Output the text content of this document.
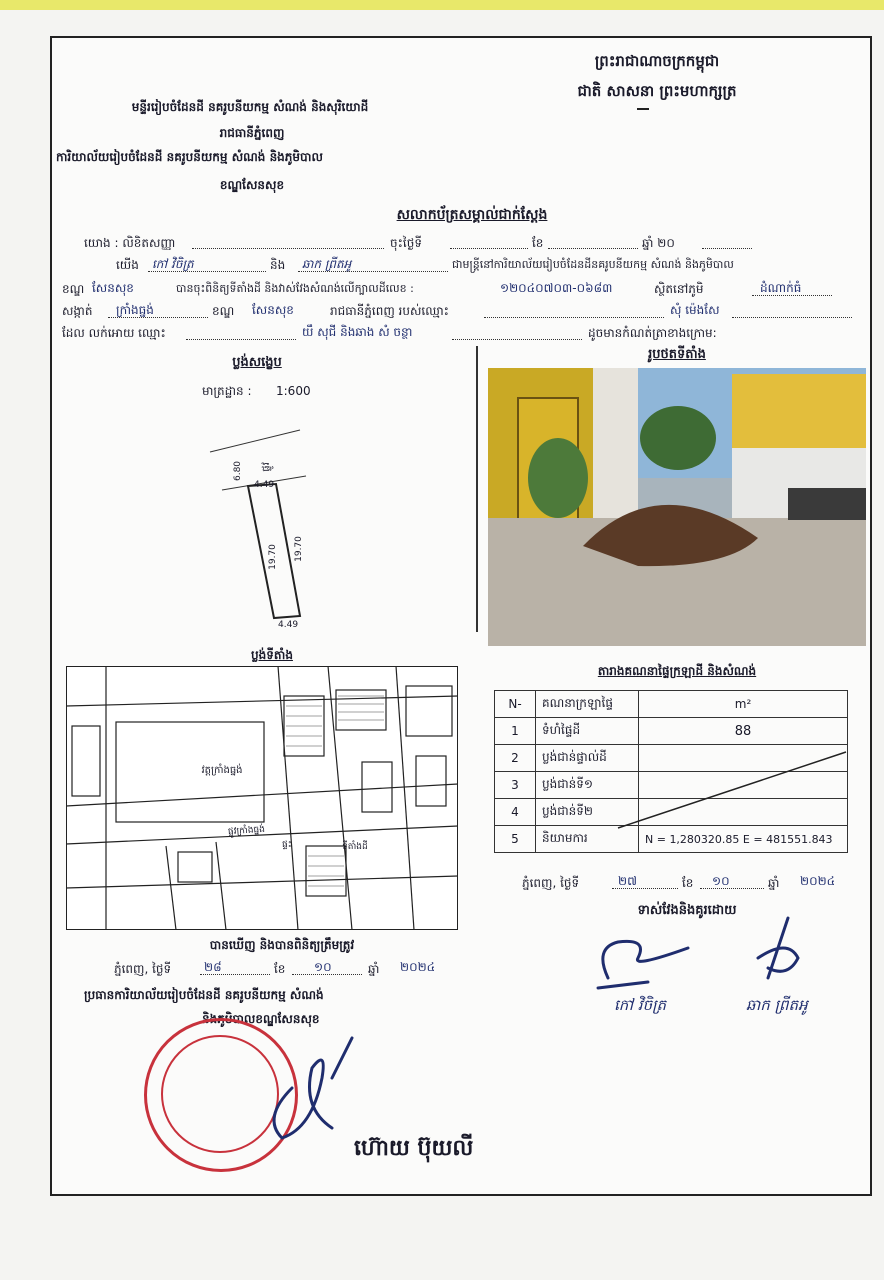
ព្រះរាជាណាចក្រកម្ពុជា
ជាតិ សាសនា ព្រះមហាក្សត្រ
មន្ទីររៀបចំដែនដី នគរូបនីយកម្ម សំណង់ និងសុរិយោដី
រាជធានីភ្នំពេញ
ការិយាល័យរៀបចំដែនដី នគរូបនីយកម្ម សំណង់ និងភូមិបាល
ខណ្ឌសែនសុខ
សលាកប័ត្រសម្គាល់ជាក់ស្តែង
យោង : លិខិតសញ្ញា	ចុះថ្ងៃទី	ខែ	ឆ្នាំ ២០
យើង កៅ វិចិត្រ	និង ឆាក ព្រីតអូ	ជាមន្ត្រីនៅការិយាល័យរៀបចំដែនដីនគរូបនីយកម្ម សំណង់ និងភូមិបាល
ខណ្ឌ សែនសុខ	បានចុះពិនិត្យទីតាំងដី និងវាស់វែងសំណង់លើក្បាលដីលេខ :	១២០៤០៧០៣-០៦៨៣	ស្ថិតនៅភូមិ	ដំណាក់ធំ
សង្កាត់ ក្រាំងធ្នង់	ខណ្ឌ សែនសុខ	រាជធានីភ្នំពេញ របស់ឈ្មោះ	សុំ ម៉េងសែ
ដែល លក់អោយ ឈ្មោះ	យឹ សុជី និងឆាង សំ ចន្ថា	ដូចមានកំណត់ត្រាខាងក្រោម:
ប្លង់សង្ខេប
មាត្រដ្ឋាន : 1:600
ផ្លូវ
6.80
4.49
19.70 19.70
4.49
រូបថតទីតាំង
ប្លង់ទីតាំង
វត្តក្រាំងធ្នង់
ផ្លូវក្រាំងធ្នង់
ទីតាំងដី
ផ្ទះ
តារាងគណនាផ្ទៃក្រឡាដី និងសំណង់
N-	គណនាក្រឡាផ្ទៃ	m²
1	ទំហំផ្ទៃដី	88
2	ប្លង់ជាន់ផ្ទាល់ដី	
3	ប្លង់ជាន់ទី១	
4	ប្លង់ជាន់ទី២	
5	និយាមការ	N = 1,280320.85 E = 481551.843
ភ្នំពេញ, ថ្ងៃទី	២៧	ខែ ១០	ឆ្នាំ ២០២៤
ទាស់វែងនិងគូរដោយ
កៅ វិចិត្រ	ឆាក ព្រីតអូ
បានឃើញ និងបានពិនិត្យត្រឹមត្រូវ
ភ្នំពេញ, ថ្ងៃទី	២៨	ខែ ១០	ឆ្នាំ ២០២៤
ប្រធានការិយាល័យរៀបចំដែនដី នគរូបនីយកម្ម សំណង់
និងភូមិបាលខណ្ឌសែនសុខ
ហ៊ោយ ប៊ុយលី
